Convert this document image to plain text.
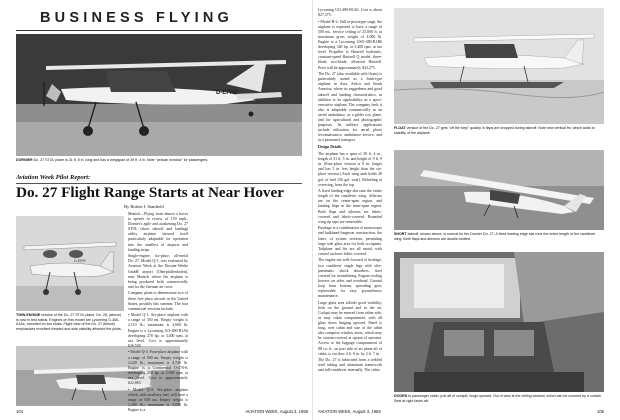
BUSINESS FLYING
D-EFAP
DORNIER Do. 27 STOL plane is 31 ft. 5 in. long and has a wingspan of 39 ft. 4 in. Note "pelican window" for passengers.
Aviation Week Pilot Report:
Do. 27 Flight Range Starts at Near Hover
By Robert I. Stanfield
D-EFIR
TWIN-ENGINE version of the Do. 27 STOL plane, Do. 28, (above) is now in test status. Engines on this model are Lycoming O-360-A1As, mounted on low stubs. Flight view of the Do. 27 (below) emphasizes excellent forward and side visibility afforded the pilots.

Munich—Flying from almost a hover to speeds in excess of 150 mph., Dornier's agile and awakening Do. 27 STOL (short takeoff and landing) utility airplane showed itself particularly adaptable for operation into the smallest of airports and landing strips.

Single-engine, six-place, all-metal Do. 27, Model Q-1, was evaluated by Aviation Week at the Dornier-Werke GmbH airport (Oberpfaffenhofen), near Munich where the airplane is being produced both commercially and for the German air force.

Company plans to demonstrate two of these five-place aircraft in the United States, possibly this summer. The four commercial versions include:

• Model Q-1: Six-place airplane with a range of 350 mi. Empty weight is 2,110 lb.; maximum is 3,600 lb. Engine is a Lycoming GO-480-B1A6 developing 270 hp. at 3,400 rpm. at sea level. Cost is approximately $26,500.

• Model Q-3: Four-place airplane with a range of 500 mi. Empty weight is 2,220 lb.; maximum is 3,740 lb. Engine is a Continental O-470-K developing 250 hp. at 2,600 rpm. at sea level. Cost is approximately $22,865.

• Model Q-4: Six-place airplane which, with auxiliary fuel, will have a range of 650 mi. Empty weight is 2,200 lb.; maximum is 4,000 lb. Engine is a

104	AVIATION WEEK, August 3, 1959

Lycoming GO-480-B1A6. Cost is about $27,375.

• Model H-2: Still in prototype stage, the airplane is expected to have a range of 500 mi., service ceiling of 25,000 ft. at maximum gross weight of 4,000 lb. Engine is a Lycoming GSO-480-B1B6 developing 340 hp. at 3,400 rpm. at sea level. Propeller is Hartzell hydraulic, constant-speed Hartzell Q model, three-blade, two-blade, all-metal Hartzell. Price will be approximately $33,275.

The Do. 27 (also available with floats) is particularly suited as a bush-type airplane in Asia, Africa and South America, where its ruggedness and good takeoff and landing characteristics, in addition to its applicability as a sport-executive airplane. The company feels it also is adaptable commercially as an aerial ambulance, as a glider tow plane, and for agricultural and photographic purposes. Its military applications include utilization for aerial photo reconnaissance, ambulance service, and as a personnel transport.

Design Details

The airplane has a span of 39 ft. 4 in., length of 31 ft. 5 in. and height of 9 ft. 9 in. (Four-place version is 8 in. longer and has 5 in. less height than the six-place version.) Each wing tank holds 28 gal. of fuel (56 gal. total). Refueling at overwing, from the top.

A fixed landing-edge slat runs the entire length of the cantilever wing. Ailerons are on the center-span region, and landing flaps in the inner-span region. Both flaps and ailerons are fabric-covered and fabric-covered. Rounded wing tip caps are removable.

Fuselage is a combination of monocoque and bulkhead-longeron construction, the latter, of system sections, permitting large side glass area for both occupants. Tailplane and fin are all metal, with control surfaces fabric covered.

The engine sits well forward of fuselage; two cantilever single legs with oleo-pneumatic shock absorbers, steel covered for streamlining. Engine cooling louvers on sides and overhead. Ground loop from bottom, spreading gear, replaceable for easy ground/snow maintenance.

Large glass area affords good visibility, both on the ground and in the air. Cockpit may be entered from either side, as may cabin compartment, with all glass doors hinging upward. Panel is long, over cabin and size of the cabin also comprise window areas, which may be curtain-covered at option of operator. Access to the luggage compartment of 88 cu. ft., on port side of air plane aft of cabin, is via door 4 ft. 6 in. by 2 ft. 7 in.

The Do. 27 is fabricated from a welded steel tubing and aluminum framework and full-cantilever internally. The cabin

FLOAT version of the Do. 27 gets "off the step" quickly in flaps are dropped during takeoff. Note new vertical fin, which adds to stability of the airplane.
SHORT takeoff, shown above, is normal for the Dornier Do. 27. A fixed leading edge slat runs the entire length of the cantilever wing. Both flaps and ailerons are double-slotted.
DOORS to passenger cabin, just aft of cockpit, hinge upward. Out of view is the ceiling window, which can be covered by a curtain. Seat at right faces aft.
AVIATION WEEK, August 3, 1959	105
